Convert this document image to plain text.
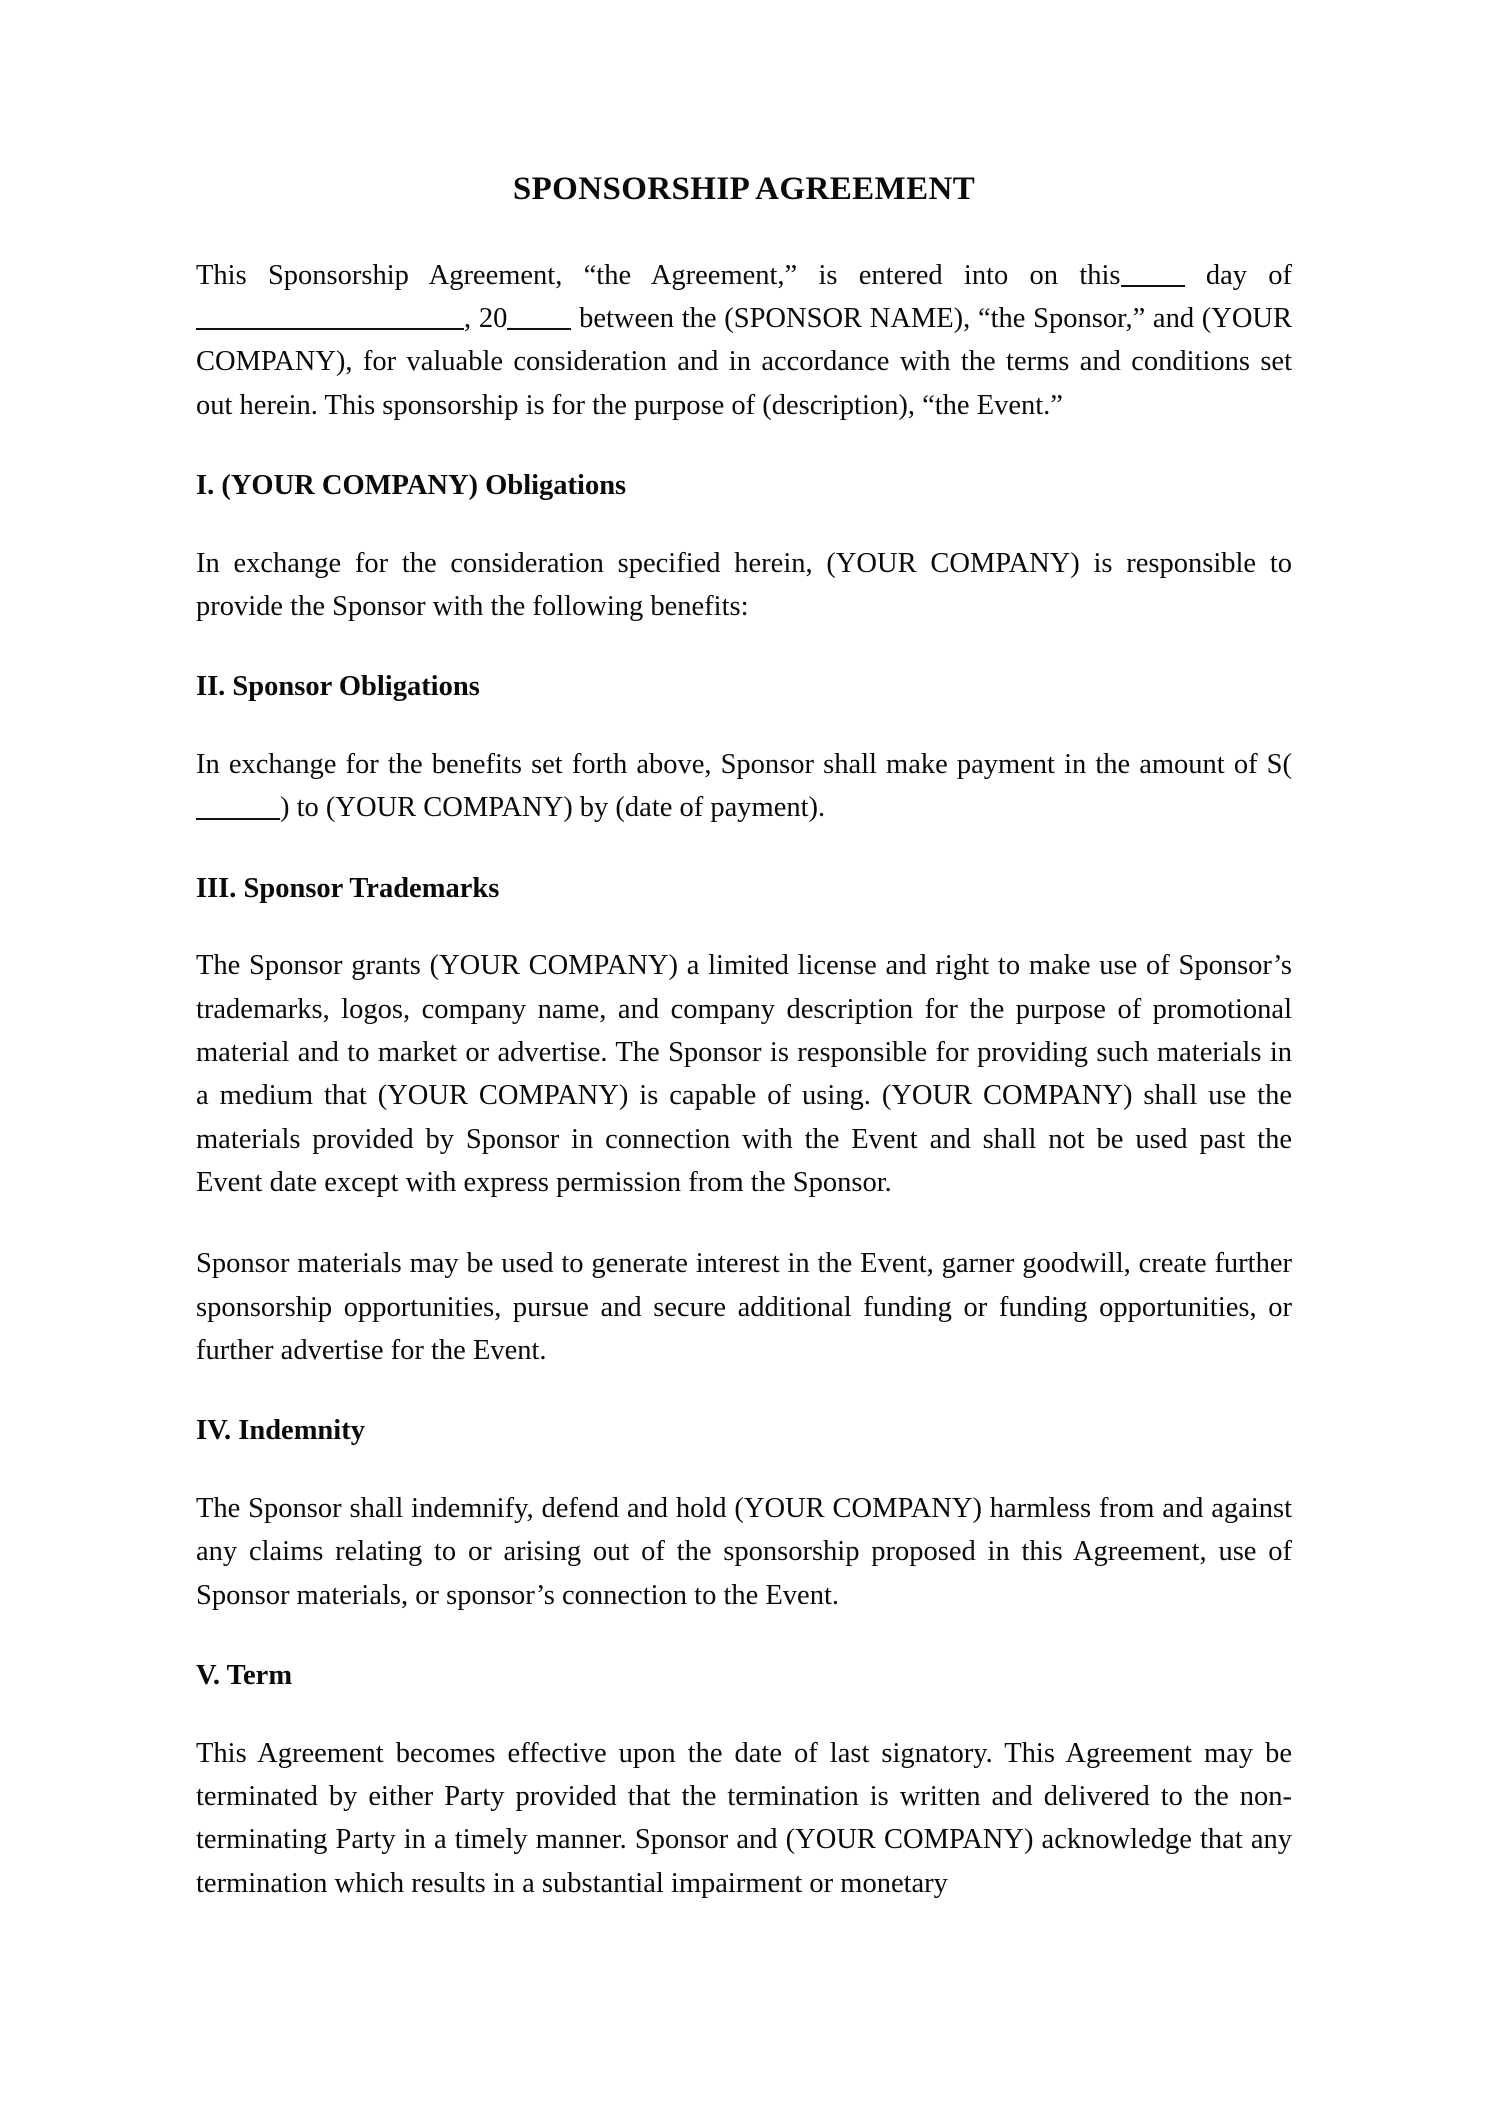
SPONSORSHIP AGREEMENT

This Sponsorship Agreement, “the Agreement,” is entered into on this	day of , 20	between the (SPONSOR NAME), “the Sponsor,” and (YOUR COMPANY), for valuable consideration and in accordance with the terms and conditions set out herein. This sponsorship is for the purpose of (description), “the Event.”

I. (YOUR COMPANY) Obligations

In exchange for the consideration specified herein, (YOUR COMPANY) is responsible to provide the Sponsor with the following benefits:

II. Sponsor Obligations

In exchange for the benefits set forth above, Sponsor shall make payment in the amount of S() to (YOUR COMPANY) by (date of payment).

III. Sponsor Trademarks

The Sponsor grants (YOUR COMPANY) a limited license and right to make use of Sponsor’s trademarks, logos, company name, and company description for the purpose of promotional material and to market or advertise. The Sponsor is responsible for providing such materials in a medium that (YOUR COMPANY) is capable of using. (YOUR COMPANY) shall use the materials provided by Sponsor in connection with the Event and shall not be used past the Event date except with express permission from the Sponsor.

Sponsor materials may be used to generate interest in the Event, garner goodwill, create further sponsorship opportunities, pursue and secure additional funding or funding opportunities, or further advertise for the Event.

IV. Indemnity

The Sponsor shall indemnify, defend and hold (YOUR COMPANY) harmless from and against any claims relating to or arising out of the sponsorship proposed in this Agreement, use of Sponsor materials, or sponsor’s connection to the Event.

V. Term

This Agreement becomes effective upon the date of last signatory. This Agreement may be terminated by either Party provided that the termination is written and delivered to the non-terminating Party in a timely manner. Sponsor and (YOUR COMPANY) acknowledge that any termination which results in a substantial impairment or monetary
